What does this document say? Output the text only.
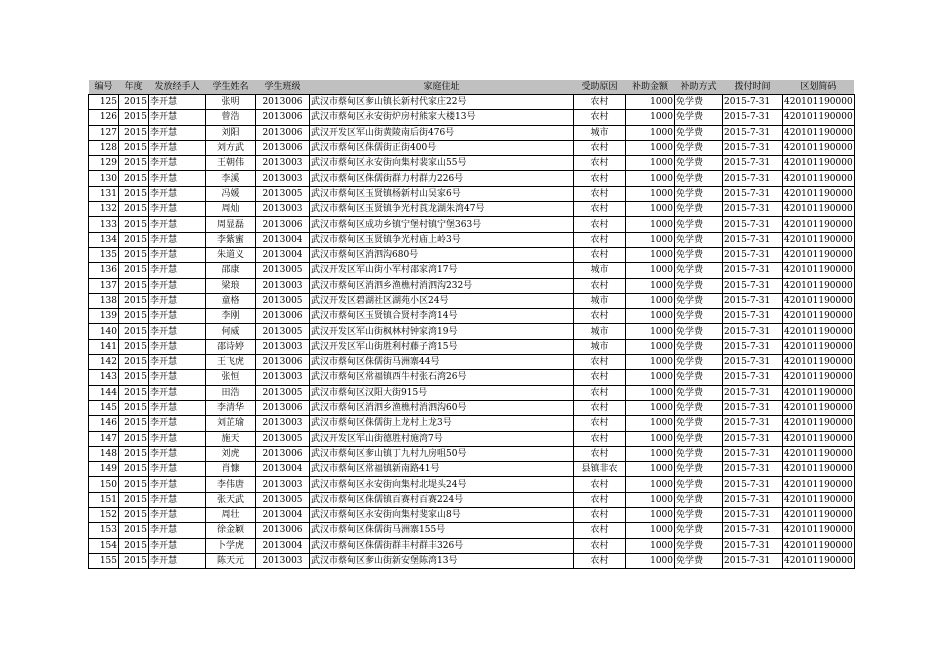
编号	年度	发放经手人	学生姓名	学生班级	家庭住址	受助原因	补助金额	补助方式	拨付时间	区划简码
125	2015	李开慧	张明	2013006	武汉市蔡甸区奓山镇长新村代家庄22号	农村	1000	免学费	2015-7-31	420101190000
126	2015	李开慧	曾浩	2013006	武汉市蔡甸区永安街炉房村熊家大楼13号	农村	1000	免学费	2015-7-31	420101190000
127	2015	李开慧	刘阳	2013006	武汉开发区军山街黄陵南后街476号	城市	1000	免学费	2015-7-31	420101190000
128	2015	李开慧	刘方武	2013006	武汉市蔡甸区侏儒街正街400号	农村	1000	免学费	2015-7-31	420101190000
129	2015	李开慧	王朝伟	2013003	武汉市蔡甸区永安街向集村裴家山55号	农村	1000	免学费	2015-7-31	420101190000
130	2015	李开慧	李溪	2013003	武汉市蔡甸区侏儒街群力村群力226号	农村	1000	免学费	2015-7-31	420101190000
131	2015	李开慧	冯媛	2013005	武汉市蔡甸区玉贤镇杨新村山吴家6号	农村	1000	免学费	2015-7-31	420101190000
132	2015	李开慧	周灿	2013003	武汉市蔡甸区玉贤镇争光村莨龙湖朱湾47号	农村	1000	免学费	2015-7-31	420101190000
133	2015	李开慧	周显磊	2013006	武汉市蔡甸区成功乡镇宁堡村镇宁堡363号	农村	1000	免学费	2015-7-31	420101190000
134	2015	李开慧	李紫蜜	2013004	武汉市蔡甸区玉贤镇争光村庙上岭3号	农村	1000	免学费	2015-7-31	420101190000
135	2015	李开慧	朱道义	2013004	武汉市蔡甸区消泗沟680号	农村	1000	免学费	2015-7-31	420101190000
136	2015	李开慧	邵康	2013005	武汉开发区军山街小军村邵家湾17号	城市	1000	免学费	2015-7-31	420101190000
137	2015	李开慧	梁琅	2013003	武汉市蔡甸区消泗乡渔樵村消泗沟232号	农村	1000	免学费	2015-7-31	420101190000
138	2015	李开慧	童格	2013005	武汉开发区碧湖社区湖苑小区24号	城市	1000	免学费	2015-7-31	420101190000
139	2015	李开慧	李刚	2013006	武汉市蔡甸区玉贤镇合贤村李湾14号	农村	1000	免学费	2015-7-31	420101190000
140	2015	李开慧	何威	2013005	武汉开发区军山街枫林村钟家湾19号	城市	1000	免学费	2015-7-31	420101190000
141	2015	李开慧	邵诗婷	2013003	武汉开发区军山街胜利村藤子湾15号	城市	1000	免学费	2015-7-31	420101190000
142	2015	李开慧	王飞虎	2013006	武汉市蔡甸区侏儒街马洲寨44号	农村	1000	免学费	2015-7-31	420101190000
143	2015	李开慧	张恒	2013003	武汉市蔡甸区常福镇西牛村张石湾26号	农村	1000	免学费	2015-7-31	420101190000
144	2015	李开慧	田浩	2013005	武汉市蔡甸区汉阳大街915号	农村	1000	免学费	2015-7-31	420101190000
145	2015	李开慧	李清华	2013006	武汉市蔡甸区消泗乡渔樵村消泗沟60号	农村	1000	免学费	2015-7-31	420101190000
146	2015	李开慧	刘芷瑜	2013003	武汉市蔡甸区侏儒街上龙村上龙3号	农村	1000	免学费	2015-7-31	420101190000
147	2015	李开慧	施天	2013005	武汉开发区军山街德胜村施湾7号	农村	1000	免学费	2015-7-31	420101190000
148	2015	李开慧	刘虎	2013006	武汉市蔡甸区奓山镇丁九村九房咀50号	农村	1000	免学费	2015-7-31	420101190000
149	2015	李开慧	肖慷	2013004	武汉市蔡甸区常福镇新南路41号	县镇非农	1000	免学费	2015-7-31	420101190000
150	2015	李开慧	李伟唐	2013003	武汉市蔡甸区永安街向集村北堤头24号	农村	1000	免学费	2015-7-31	420101190000
151	2015	李开慧	张天武	2013005	武汉市蔡甸区侏儒镇百赛村百赛224号	农村	1000	免学费	2015-7-31	420101190000
152	2015	李开慧	周壮	2013004	武汉市蔡甸区永安街向集村斐家山8号	农村	1000	免学费	2015-7-31	420101190000
153	2015	李开慧	徐金颖	2013006	武汉市蔡甸区侏儒街马洲寨155号	农村	1000	免学费	2015-7-31	420101190000
154	2015	李开慧	卜学虎	2013004	武汉市蔡甸区侏儒街群丰村群丰326号	农村	1000	免学费	2015-7-31	420101190000
155	2015	李开慧	陈天元	2013003	武汉市蔡甸区奓山街新安堡陈湾13号	农村	1000	免学费	2015-7-31	420101190000
